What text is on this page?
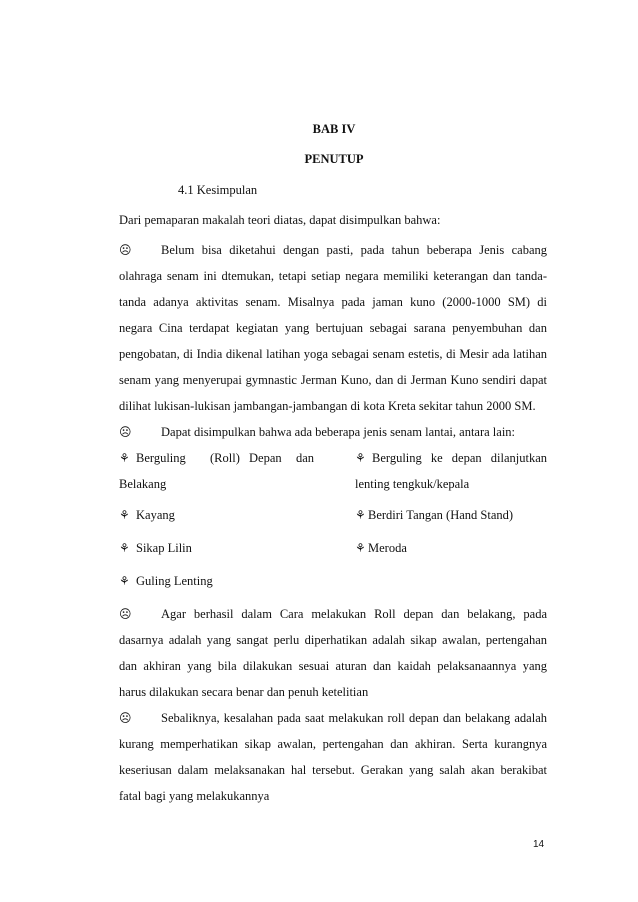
BAB IV
PENUTUP
4.1 Kesimpulan
Dari pemaparan makalah teori diatas, dapat disimpulkan bahwa:
☹ Belum bisa diketahui dengan pasti, pada tahun beberapa Jenis cabang
olahraga senam ini dtemukan, tetapi setiap negara memiliki keterangan dan tanda-
tanda adanya aktivitas senam. Misalnya pada jaman kuno (2000-1000 SM) di
negara Cina terdapat kegiatan yang bertujuan sebagai sarana penyembuhan dan
pengobatan, di India dikenal latihan yoga sebagai senam estetis, di Mesir ada latihan
senam yang menyerupai gymnastic Jerman Kuno, dan di Jerman Kuno sendiri dapat
dilihat lukisan-lukisan jambangan-jambangan di kota Kreta sekitar tahun 2000 SM.
☹ Dapat disimpulkan bahwa ada beberapa jenis senam lantai, antara lain:
⚘ Berguling (Roll) Depan dan
Belakang
⚘ Berguling ke depan dilanjutkan
lenting tengkuk/kepala
⚘ Kayang	⚘ Berdiri Tangan (Hand Stand)
⚘ Sikap Lilin	⚘ Meroda
⚘ Guling Lenting
☹ Agar berhasil dalam Cara melakukan Roll depan dan belakang, pada
dasarnya adalah yang sangat perlu diperhatikan adalah sikap awalan, pertengahan
dan akhiran yang bila dilakukan sesuai aturan dan kaidah pelaksanaannya yang
harus dilakukan secara benar dan penuh ketelitian
☹ Sebaliknya, kesalahan pada saat melakukan roll depan dan belakang adalah
kurang memperhatikan sikap awalan, pertengahan dan akhiran. Serta kurangnya
keseriusan dalam melaksanakan hal tersebut. Gerakan yang salah akan berakibat
fatal bagi yang melakukannya
14
